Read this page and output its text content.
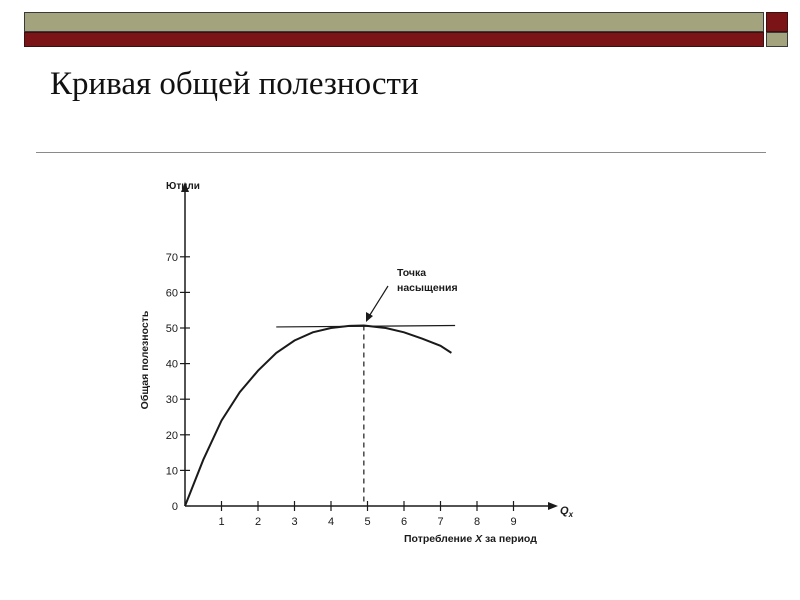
Кривая общей полезности
Ютили
Общая полезность
Потребление X за период
$Q_x$
1	2	3	4	5	6	7	8	9
0
10
20
30
40
50
60
70
Точка
насыщения
